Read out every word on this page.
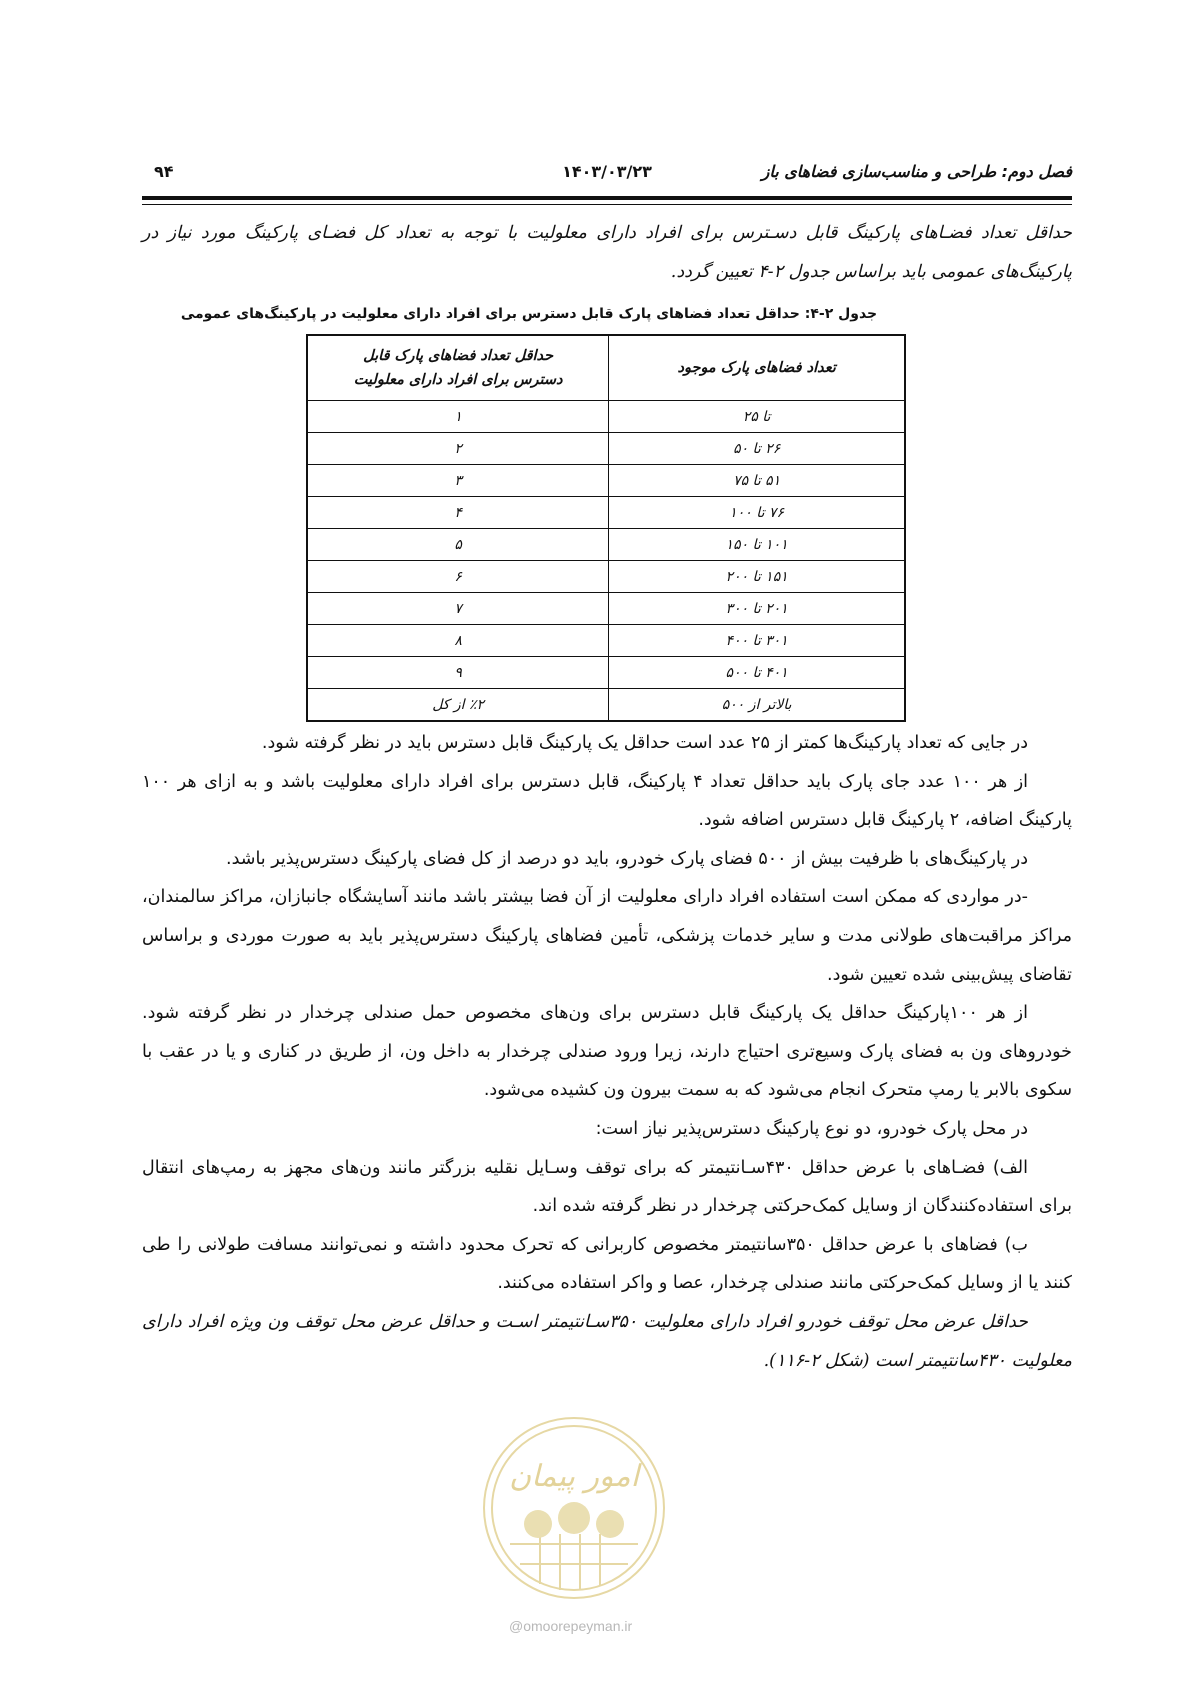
فصل دوم: طراحی و مناسب‌سازی فضاهای باز
۱۴۰۳/۰۳/۲۳
۹۴

حداقل تعداد فضـاهای پارکینگ قابل دسـترس برای افراد دارای معلولیت با توجه به تعداد کل فضـای پارکینگ مورد نیاز در پارکینگ‌های عمومی باید براساس جدول ۲-۴ تعیین گردد.

جدول ۲-۴: حداقل تعداد فضاهای پارک قابل دسترس برای افراد دارای معلولیت در پارکینگ‌های عمومی
تعداد فضاهای پارک موجود	حداقل تعداد فضاهای پارک قابل دسترس برای افراد دارای معلولیت
تا ۲۵	۱
۲۶ تا ۵۰	۲
۵۱ تا ۷۵	۳
۷۶ تا ۱۰۰	۴
۱۰۱ تا ۱۵۰	۵
۱۵۱ تا ۲۰۰	۶
۲۰۱ تا ۳۰۰	۷
۳۰۱ تا ۴۰۰	۸
۴۰۱ تا ۵۰۰	۹
بالاتر از ۵۰۰	٪۲ از کل

در جایی که تعداد پارکینگ‌ها کمتر از ۲۵ عدد است حداقل یک پارکینگ قابل دسترس باید در نظر گرفته شود.

از هر ۱۰۰ عدد جای پارک باید حداقل تعداد ۴ پارکینگ، قابل دسترس برای افراد دارای معلولیت باشد و به ازای هر ۱۰۰ پارکینگ اضافه، ۲ پارکینگ قابل دسترس اضافه شود.

در پارکینگ‌های با ظرفیت بیش از ۵۰۰ فضای پارک خودرو، باید دو درصد از کل فضای پارکینگ دسترس‌پذیر باشد.

-در مواردی که ممکن است استفاده افراد دارای معلولیت از آن فضا بیشتر باشد مانند آسایشگاه جانبازان، مراکز سالمندان، مراکز مراقبت‌های طولانی مدت و سایر خدمات پزشکی، تأمین فضاهای پارکینگ دسترس‌پذیر باید به صورت موردی و براساس تقاضای پیش‌بینی شده تعیین شود.

از هر ۱۰۰پارکینگ حداقل یک پارکینگ قابل دسترس برای ون‌های مخصوص حمل صندلی چرخدار در نظر گرفته شود. خودروهای ون به فضای پارک وسیع‌تری احتیاج دارند، زیرا ورود صندلی چرخدار به داخل ون، از طریق در کناری و یا در عقب با سکوی بالابر یا رمپ متحرک انجام می‌شود که به سمت بیرون ون کشیده می‌شود.

در محل پارک خودرو، دو نوع پارکینگ دسترس‌پذیر نیاز است:

الف) فضـاهای با عرض حداقل ۴۳۰سـانتیمتر که برای توقف وسـایل نقلیه بزرگتر مانند ون‌های مجهز به رمپ‌های انتقال برای استفاده‌کنندگان از وسایل کمک‌حرکتی چرخدار در نظر گرفته شده اند.

ب) فضاهای با عرض حداقل ۳۵۰سانتیمتر مخصوص کاربرانی که تحرک محدود داشته و نمی‌توانند مسافت طولانی را طی کنند یا از وسایل کمک‌حرکتی مانند صندلی چرخدار، عصا و واکر استفاده می‌کنند.

حداقل عرض محل توقف خودرو افراد دارای معلولیت ۳۵۰سـانتیمتر اسـت و حداقل عرض محل توقف ون ویژه افراد دارای معلولیت ۴۳۰سانتیمتر است (شکل ۲-۱۱۶).

امور پیمان
@omoorepeyman.ir
